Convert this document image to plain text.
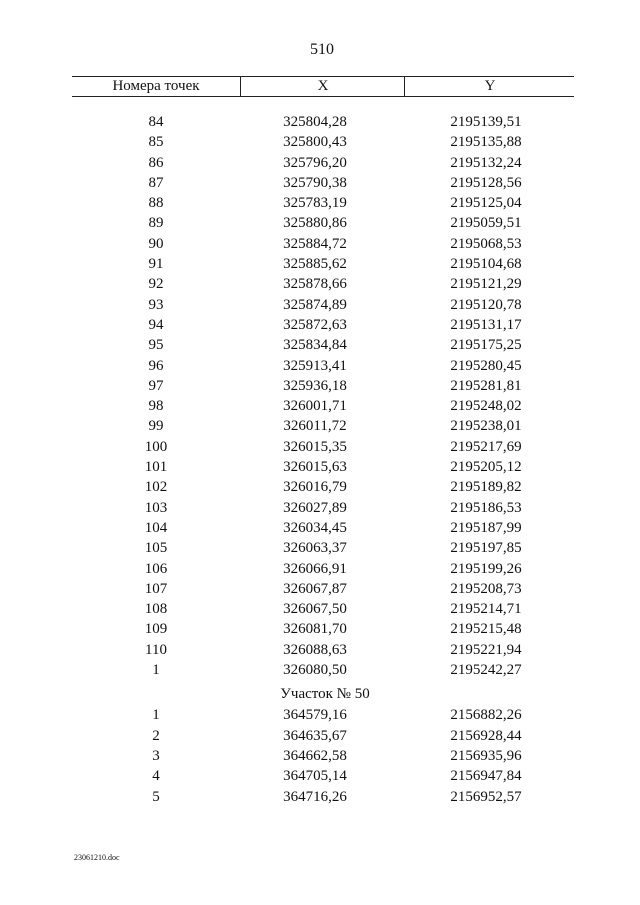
510
Номера точек	X	Y
84	325804,28	2195139,51
85	325800,43	2195135,88
86	325796,20	2195132,24
87	325790,38	2195128,56
88	325783,19	2195125,04
89	325880,86	2195059,51
90	325884,72	2195068,53
91	325885,62	2195104,68
92	325878,66	2195121,29
93	325874,89	2195120,78
94	325872,63	2195131,17
95	325834,84	2195175,25
96	325913,41	2195280,45
97	325936,18	2195281,81
98	326001,71	2195248,02
99	326011,72	2195238,01
100	326015,35	2195217,69
101	326015,63	2195205,12
102	326016,79	2195189,82
103	326027,89	2195186,53
104	326034,45	2195187,99
105	326063,37	2195197,85
106	326066,91	2195199,26
107	326067,87	2195208,73
108	326067,50	2195214,71
109	326081,70	2195215,48
110	326088,63	2195221,94
1	326080,50	2195242,27
Участок № 50
1	364579,16	2156882,26
2	364635,67	2156928,44
3	364662,58	2156935,96
4	364705,14	2156947,84
5	364716,26	2156952,57
23061210.doc
